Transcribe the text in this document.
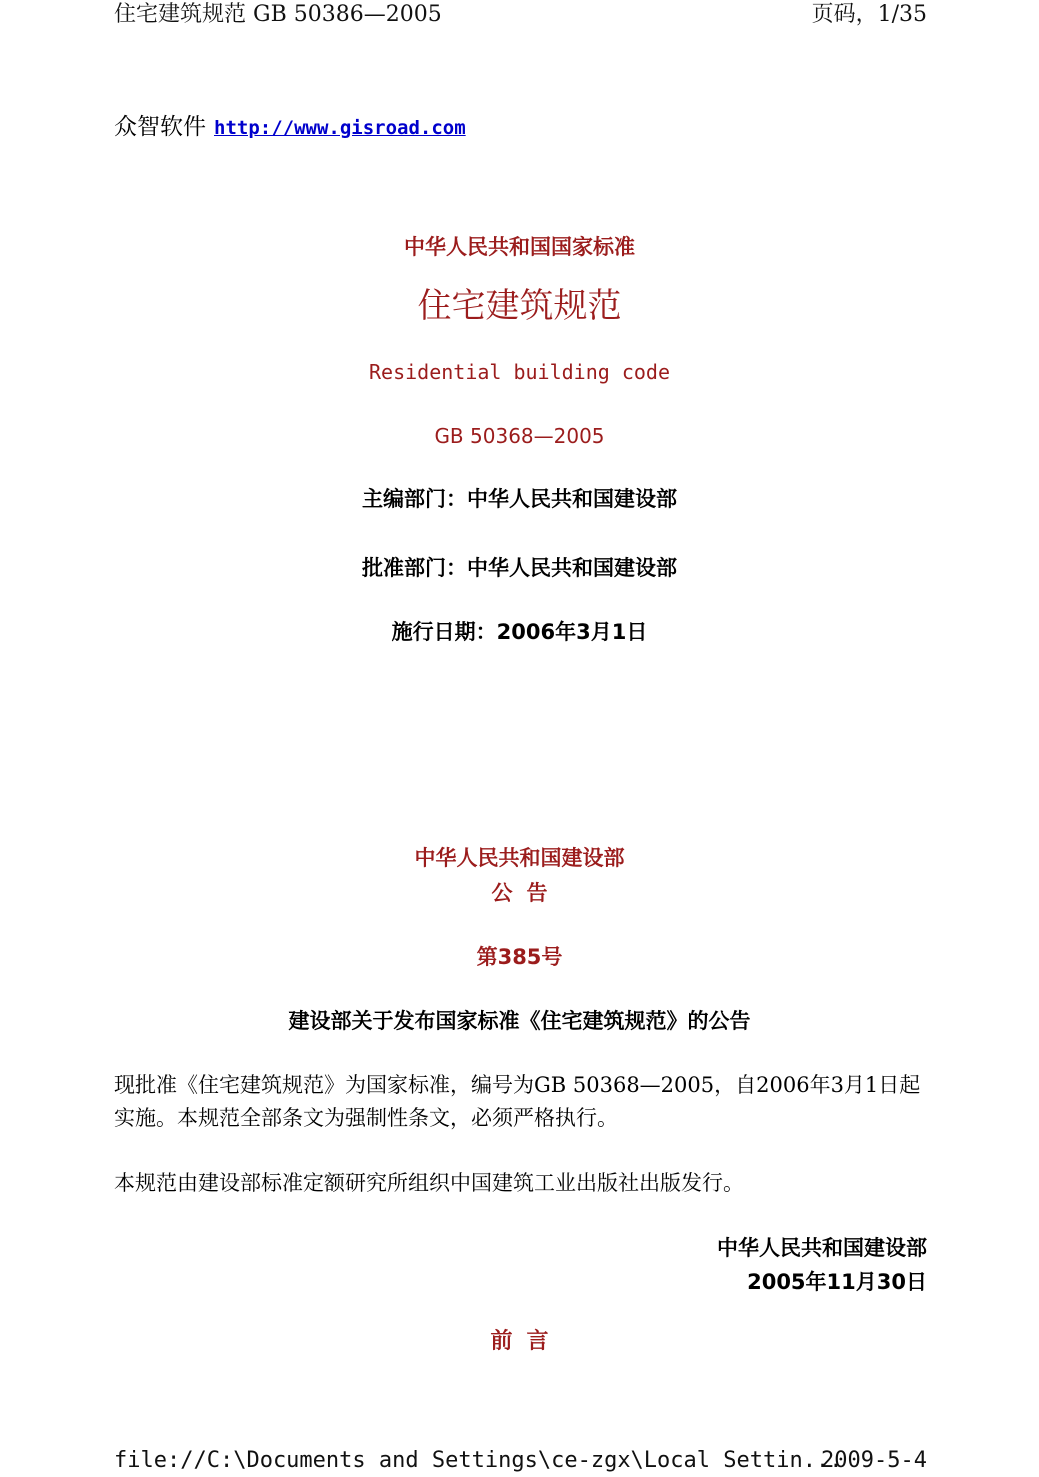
住宅建筑规范 GB 50386—2005	页码，1/35
众智软件 http://www.gisroad.com
中华人民共和国国家标准
住宅建筑规范
Residential building code
GB 50368—2005
主编部门：中华人民共和国建设部
批准部门：中华人民共和国建设部
施行日期：2006年3月1日
中华人民共和国建设部
公告
第385号
建设部关于发布国家标准《住宅建筑规范》的公告
现批准《住宅建筑规范》为国家标准，编号为GB 50368—2005，自2006年3月1日起实施。本规范全部条文为强制性条文，必须严格执行。
本规范由建设部标准定额研究所组织中国建筑工业出版社出版发行。
中华人民共和国建设部
2005年11月30日
前言
file://C:\Documents and Settings\ce-zgx\Local Settin...
2009-5-4
